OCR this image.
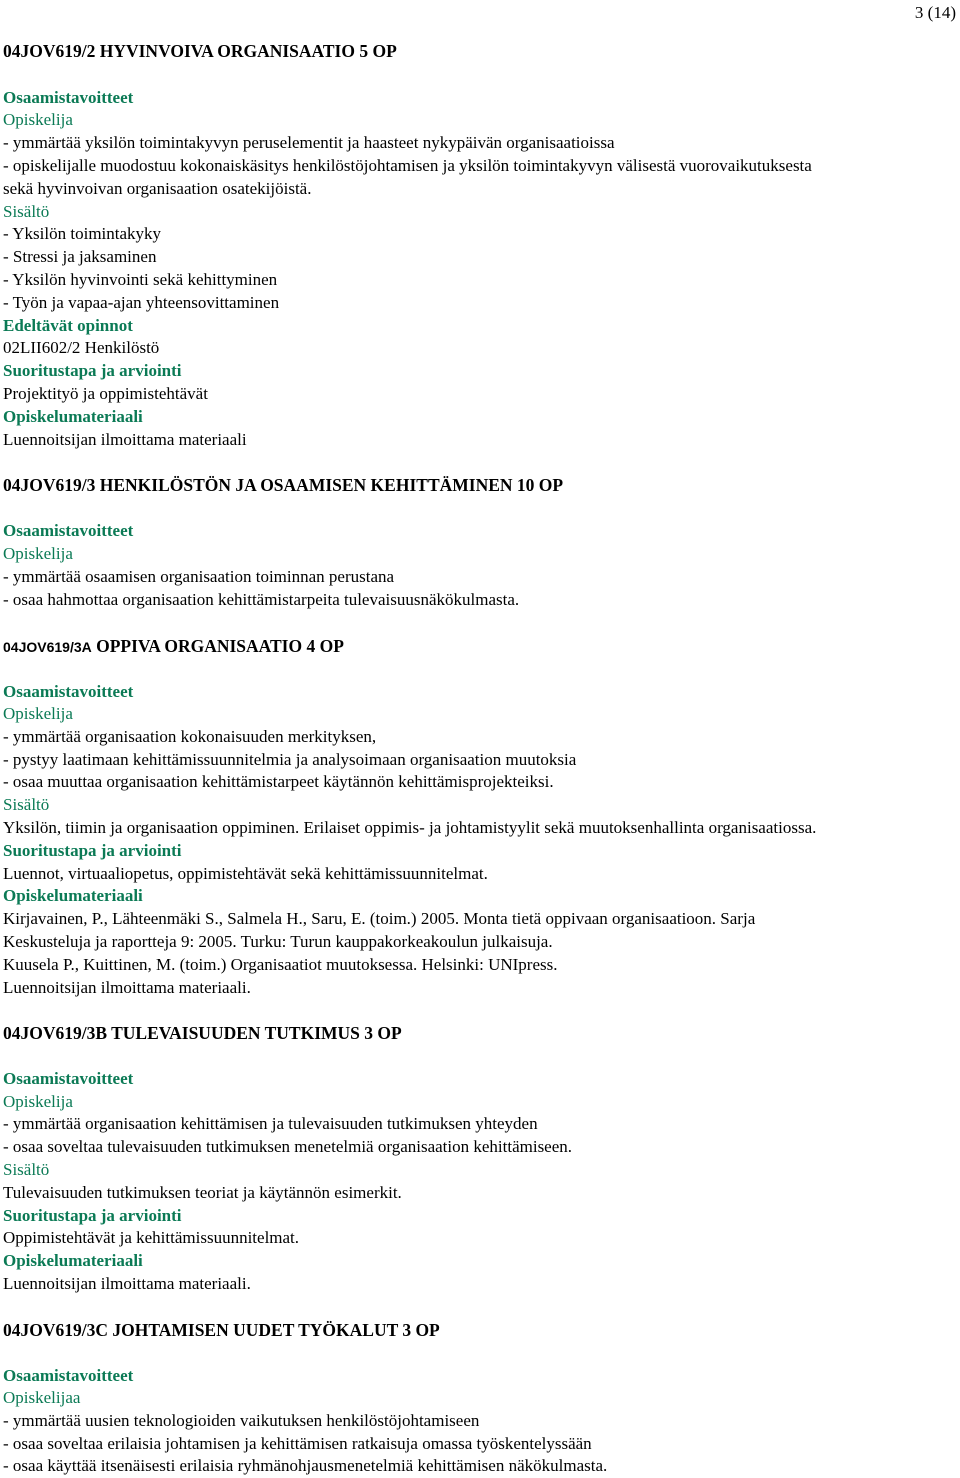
3 (14)
04JOV619/2 HYVINVOIVA ORGANISAATIO 5 OP
Osaamistavoitteet
Opiskelija
- ymmärtää yksilön toimintakyvyn peruselementit ja haasteet nykypäivän organisaatioissa
- opiskelijalle muodostuu kokonaiskäsitys henkilöstöjohtamisen ja yksilön toimintakyvyn välisestä vuorovaikutuksesta
sekä hyvinvoivan organisaation osatekijöistä.
Sisältö
- Yksilön toimintakyky
- Stressi ja jaksaminen
- Yksilön hyvinvointi sekä kehittyminen
- Työn ja vapaa-ajan yhteensovittaminen
Edeltävät opinnot
02LII602/2 Henkilöstö
Suoritustapa ja arviointi
Projektityö ja oppimistehtävät
Opiskelumateriaali
Luennoitsijan ilmoittama materiaali
04JOV619/3 HENKILÖSTÖN JA OSAAMISEN KEHITTÄMINEN 10 OP
Osaamistavoitteet
Opiskelija
- ymmärtää osaamisen organisaation toiminnan perustana
- osaa hahmottaa organisaation kehittämistarpeita tulevaisuusnäkökulmasta.
04JOV619/3A OPPIVA ORGANISAATIO 4 OP
Osaamistavoitteet
Opiskelija
- ymmärtää organisaation kokonaisuuden merkityksen,
- pystyy laatimaan kehittämissuunnitelmia ja analysoimaan organisaation muutoksia
- osaa muuttaa organisaation kehittämistarpeet käytännön kehittämisprojekteiksi.
Sisältö
Yksilön, tiimin ja organisaation oppiminen. Erilaiset oppimis- ja johtamistyylit sekä muutoksenhallinta organisaatiossa.
Suoritustapa ja arviointi
Luennot, virtuaaliopetus, oppimistehtävät sekä kehittämissuunnitelmat.
Opiskelumateriaali
Kirjavainen, P., Lähteenmäki S., Salmela H., Saru, E. (toim.) 2005. Monta tietä oppivaan organisaatioon. Sarja
Keskusteluja ja raportteja 9: 2005. Turku: Turun kauppakorkeakoulun julkaisuja.
Kuusela P., Kuittinen, M. (toim.) Organisaatiot muutoksessa. Helsinki: UNIpress.
Luennoitsijan ilmoittama materiaali.
04JOV619/3B TULEVAISUUDEN TUTKIMUS 3 OP
Osaamistavoitteet
Opiskelija
- ymmärtää organisaation kehittämisen ja tulevaisuuden tutkimuksen yhteyden
- osaa soveltaa tulevaisuuden tutkimuksen menetelmiä organisaation kehittämiseen.
Sisältö
Tulevaisuuden tutkimuksen teoriat ja käytännön esimerkit.
Suoritustapa ja arviointi
Oppimistehtävät ja kehittämissuunnitelmat.
Opiskelumateriaali
Luennoitsijan ilmoittama materiaali.
04JOV619/3C JOHTAMISEN UUDET TYÖKALUT 3 OP
Osaamistavoitteet
Opiskelijaa
- ymmärtää uusien teknologioiden vaikutuksen henkilöstöjohtamiseen
- osaa soveltaa erilaisia johtamisen ja kehittämisen ratkaisuja omassa työskentelyssään
- osaa käyttää itsenäisesti erilaisia ryhmänohjausmenetelmiä kehittämisen näkökulmasta.
